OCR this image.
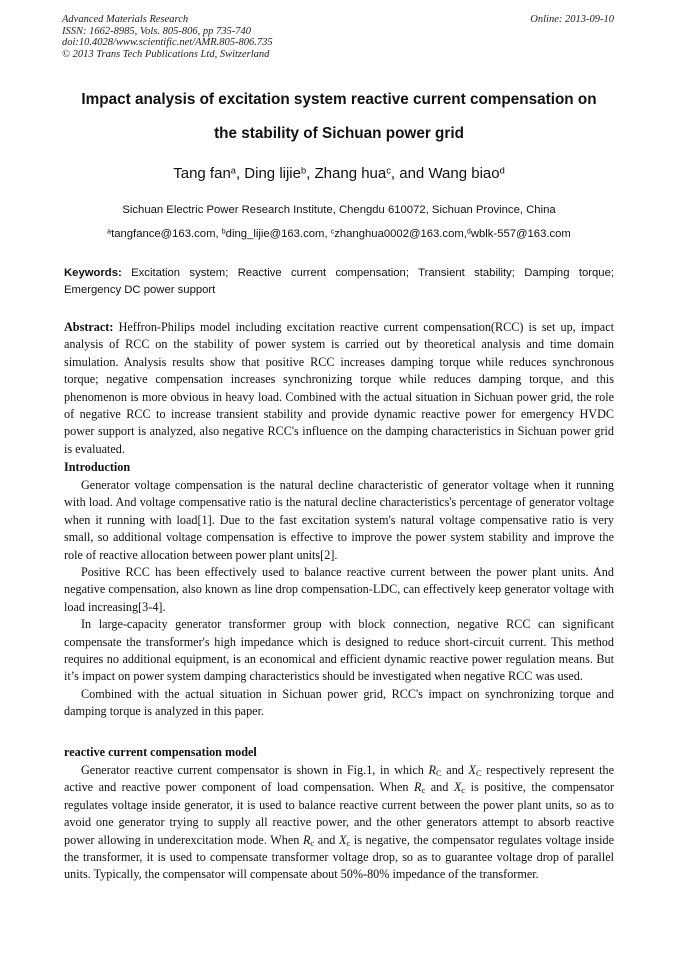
Advanced Materials Research
ISSN: 1662-8985, Vols. 805-806, pp 735-740
doi:10.4028/www.scientific.net/AMR.805-806.735
© 2013 Trans Tech Publications Ltd, Switzerland
Online: 2013-09-10
Impact analysis of excitation system reactive current compensation on
the stability of Sichuan power grid
Tang fan$^a$, Ding lijie$^b$, Zhang hua$^c$, and Wang biao$^d$
Sichuan Electric Power Research Institute, Chengdu 610072, Sichuan Province, China
$^a$tangfance@163.com, $^b$ding_lijie@163.com, $^c$zhanghua0002@163.com,$^d$wblk-557@163.com
Keywords: Excitation system; Reactive current compensation; Transient stability; Damping torque; Emergency DC power support
Abstract: Heffron-Philips model including excitation reactive current compensation(RCC) is set up, impact analysis of RCC on the stability of power system is carried out by theoretical analysis and time domain simulation. Analysis results show that positive RCC increases damping torque while reduces synchronous torque; negative compensation increases synchronizing torque while reduces damping torque, and this phenomenon is more obvious in heavy load. Combined with the actual situation in Sichuan power grid, the role of negative RCC to increase transient stability and provide dynamic reactive power for emergency HVDC power support is analyzed, also negative RCC's influence on the damping characteristics in Sichuan power grid is evaluated.
Introduction

Generator voltage compensation is the natural decline characteristic of generator voltage when it running with load. And voltage compensative ratio is the natural decline characteristics's percentage of generator voltage when it running with load[1]. Due to the fast excitation system's natural voltage compensative ratio is very small, so additional voltage compensation is effective to improve the power system stability and improve the role of reactive allocation between power plant units[2].

Positive RCC has been effectively used to balance reactive current between the power plant units. And negative compensation, also known as line drop compensation-LDC, can effectively keep generator voltage with load increasing[3-4].

In large-capacity generator transformer group with block connection, negative RCC can significant compensate the transformer's high impedance which is designed to reduce short-circuit current. This method requires no additional equipment, is an economical and efficient dynamic reactive power regulation means. But it’s impact on power system damping characteristics should be investigated when negative RCC was used.

Combined with the actual situation in Sichuan power grid, RCC's impact on synchronizing torque and damping torque is analyzed in this paper.

reactive current compensation model

Generator reactive current compensator is shown in Fig.1, in which $R_C$ and $X_C$ respectively represent the active and reactive power component of load compensation. When $R_c$ and $X_c$ is positive, the compensator regulates voltage inside generator, it is used to balance reactive current between the power plant units, so as to avoid one generator trying to supply all reactive power, and the other generators attempt to absorb reactive power allowing in underexcitation mode. When $R_c$ and $X_c$ is negative, the compensator regulates voltage inside the transformer, it is used to compensate transformer voltage drop, so as to guarantee voltage drop of parallel units. Typically, the compensator will compensate about 50%-80% impedance of the transformer.
